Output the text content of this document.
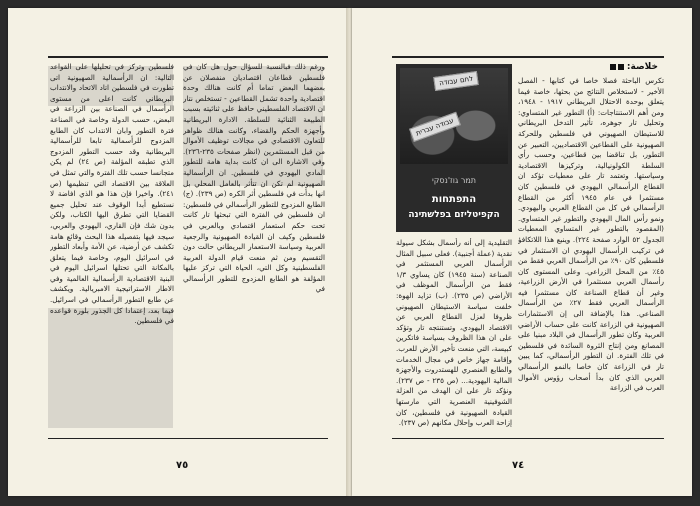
ورغم ذلك فبالنسبة للسؤال حول هل كان في فلسطين قطاعان اقتصاديان منفصلان عن بعضهما البعض تماما أم كانت هنالك وحدة اقتصادية واحدة تشمل القطاعين - تستخلص نتار ان الاقتصاد الفلسطيني حافظ على ثنائيته بسبب الطبيعة الثنائية للسلطة. الادارة البريطانية وأجهزة الحكم والقضاء، وكانت هنالك ظواهر للتعاون الاقتصادي في مجالات توظيف الأموال من قبل المستثمرين (انظر صفحات ٢٣٥-٢٣٦). وفي الاشارة الى ان كانت بداية هامة للتطور المادي اليهودي في فلسطين. ان الرأسمالية الصهيونية لم تكن ان تتأثر بالعامل المحلي بل انها بدأت في فلسطين أثر الكره (ص ٢٣٩). (ج) الطابع المزدوج للتطور الرأسمالي في فلسطين: ان فلسطين في الفترة التي تبحثها تار كانت تحت حكم استعمار اقتصادي وبالعربي في فلسطين وكيف ان القيادة الصهيونية والرجعية العربية وسياسة الاستعمار البريطاني حالت دون التقسيم ومن ثم منعت قيام الدولة العربية الفلسطينية وكل التي، الحياة التي تركز عليها المؤلفة هو الطابع المزدوج للتطور الرأسمالي في

فلسطين وتركز في تحليلها على القواعد التالية: ان الرأسمالية الصهيونية اتى تطورت في فلسطين اتاد الاتحاد والانتداب البريطاني كانت اعلى من مستوى الرأسمال في الصناعة بين الزراعة في البعض، حسب الدولة وخاصة في الصناعة فترة التطور وابان الانتداب كان الطابع المزدوج للرأسمالية تابعا للرأسمالية البريطانية وقد حسب التطور المزدوج الذي تطبقه المؤلفة (ص ٢٤) لم يكن متجانسا حسب تلك الفترة والتي تمثل في العلاقة بين الاقتصاد التي تنظيمها (ص ٢٤١). واخيرا فإن هذا هو الذي افاضة لا نستطيع أبدا الوقوف عند تحليل جميع القضايا التي تطرق اليها الكتاب، ولكن بدون شك فإن القاري، اليهودي والعربي، سيجد فيها بتفصيله هذا البحث وقائع هامة تكشف عن أرضية، عن الأمة وأبعاد التطور في اسرائيل اليوم، وخاصة فيما يتعلق بالمكانة التي تحتلها اسرائيل اليوم في البنية الاقتصادية الرأسمالية العالمية وفي الاطار الاستراتيجية الامبريالية. ويكشف عن طابع التطور الرأسمالي في اسرائيل. فيما بعد، إعتمادا كل الجذور بلورة قواعده في فلسطين.

٧٥
خلاصة:
לחם עבודה
עבודה עברית
תמר גוז'נסקי
התפתחות
הקפיטליזם בפלשתינה

تكرس الباحثة فصلا خاصا في كتابها - الفصل الأخير - لاستخلاص النتائج من بحثها، خاصة فيما يتعلق بوحدة الاحتلال البريطاني ١٩١٧ - ١٩٤٨، ومن أهم الاستنتاجات: (أ) التطور غير المتساوي: وتحليل تار جوهره، تأثير التدخل البريطاني للاستيطان الصهيوني في فلسطين وللحركة الصهيونية على القطاعين الاقتصاديين، التعبير عن التطور، بل تناقضا بين قطاعين، وحسب رأي السلطة الكولونيالية، وتركيزها الاقتصادية وسياستها. وتعتمد تار على معطيات تؤكد ان القطاع الرأسمالي اليهودي في فلسطين كان مستثمرا في عام ١٩٤٥ أكثر من القطاع الرأسمالي في كل من القطاع العربي واليهودي. ونمو رأس المال اليهودي والتطور غير المتساوي. (المقصود بالتطور غير المتساوي المعطيات الجدول ٥٢ الوارد صفحة ٢٢٤). وينبع هذا اللاتكافؤ في تركيب الرأسمال اليهودي ان الاستثمار في فلسطين كان ٩٠٪ من الرأسمال العربي فقط من ٤٥٪ من المحل الزراعي. وعلى المستوى كان رأسمال العربي مستثمرا في الأرض الزراعية، وغير أن قطاع الصناعة كان مستثمرا فيه الرأسمال العربي فقط ٢٧٪ من الرأسمال الصناعي. هذا بالإضافة الى إن الاستثمارات الصهيونية في الزراعة كانت على حساب الأراضي العربية وكان تطور الرأسمال في البلاد مبنيا على المصانع ومن إنتاج الثروة السائدة في فلسطين في تلك الفترة. ان التطور الرأسمالي، كما يبين تار في الزراعة كان خاصا بالنمو الرأسمالي العربي الذي كان بدأ أصحاب رؤوس الأموال العرب في الزراعة

التقليدية إلى أنه رأسمال بشكل سيولة نقدية (عملة أجنبية). فعلى سبيل المثال الرأسمال العربي المستثمر في الصناعة (سنة ١٩٤٥) كان يساوي ١/٣ فقط من الرأسمال الموظف في الأراضي (ص ٢٣٥). (ب) تزايد الهوة: خلفت سياسة الاستيطان الصهيوني ظروفا لعزل القطاع العربي عن الاقتصاد اليهودي، وتستنتجه تار وتؤكد على ان هذا الظروف بسياسة فاتكرين كبيسة، التي منعت تأخير الأرض للعرب. وإقامة جهاز خاص في مجال الخدمات والطابع العنصري للهستدروت والأجهزة المالية اليهودية... (ص ٢٣٥ - ص ٢٣٧). ونؤكد تار على ان الهدف من العزلة الشوفينية العنصرية التي مارستها القيادة الصهيونية في فلسطين، كان إزاحة العرب وإحلال مكانهم (ص ٢٣٧).

٧٤
